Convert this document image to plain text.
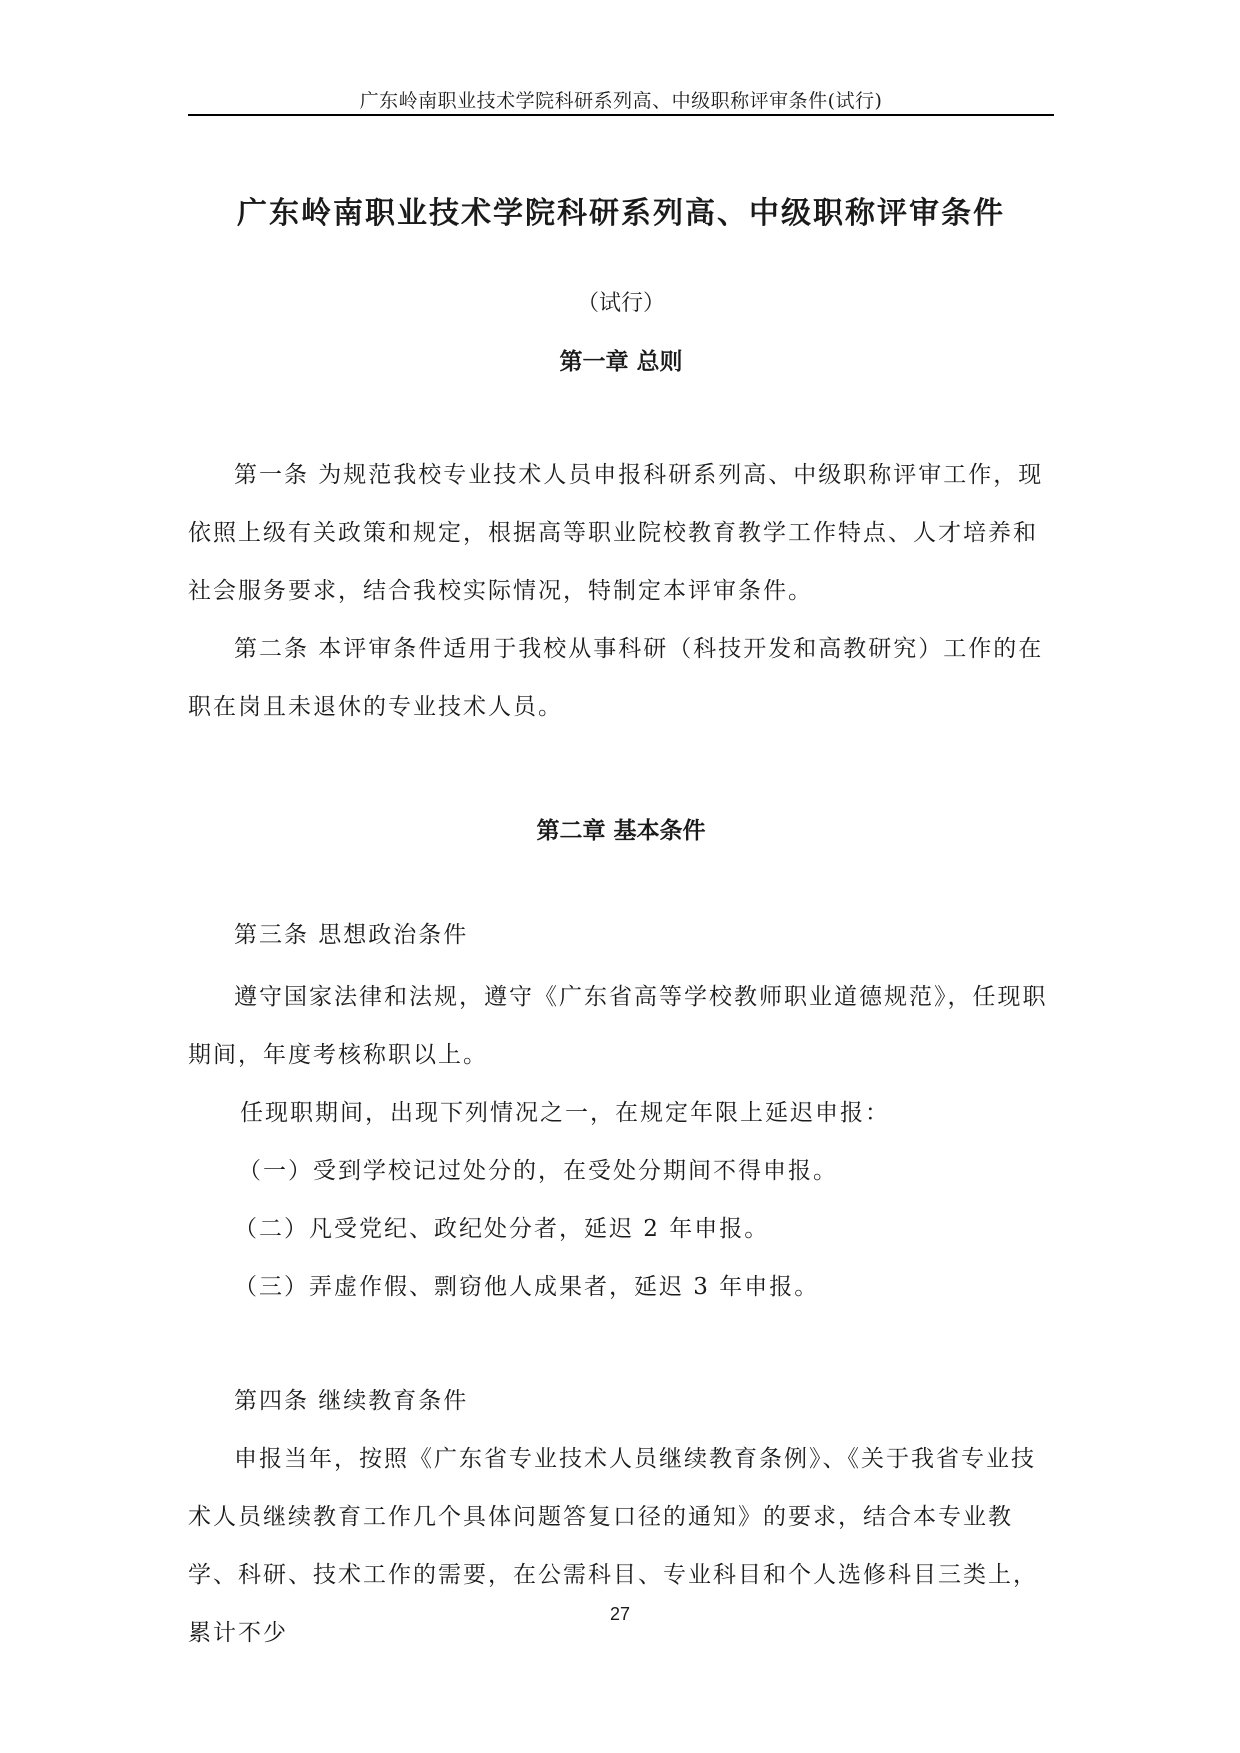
广东岭南职业技术学院科研系列高、中级职称评审条件(试行)
广东岭南职业技术学院科研系列高、中级职称评审条件
（试行）
第一章 总则

第一条 为规范我校专业技术人员申报科研系列高、中级职称评审工作，现依照上级有关政策和规定，根据高等职业院校教育教学工作特点、人才培养和社会服务要求，结合我校实际情况，特制定本评审条件。

第二条 本评审条件适用于我校从事科研（科技开发和高教研究）工作的在职在岗且未退休的专业技术人员。

第二章 基本条件
第三条 思想政治条件

遵守国家法律和法规，遵守《广东省高等学校教师职业道德规范》，任现职期间，年度考核称职以上。

任现职期间，出现下列情况之一，在规定年限上延迟申报：
（一）受到学校记过处分的，在受处分期间不得申报。
（二）凡受党纪、政纪处分者，延迟 2 年申报。
（三）弄虚作假、剽窃他人成果者，延迟 3 年申报。
第四条 继续教育条件

申报当年，按照《广东省专业技术人员继续教育条例》、《关于我省专业技术人员继续教育工作几个具体问题答复口径的通知》的要求，结合本专业教学、科研、技术工作的需要，在公需科目、专业科目和个人选修科目三类上，累计不少

27
